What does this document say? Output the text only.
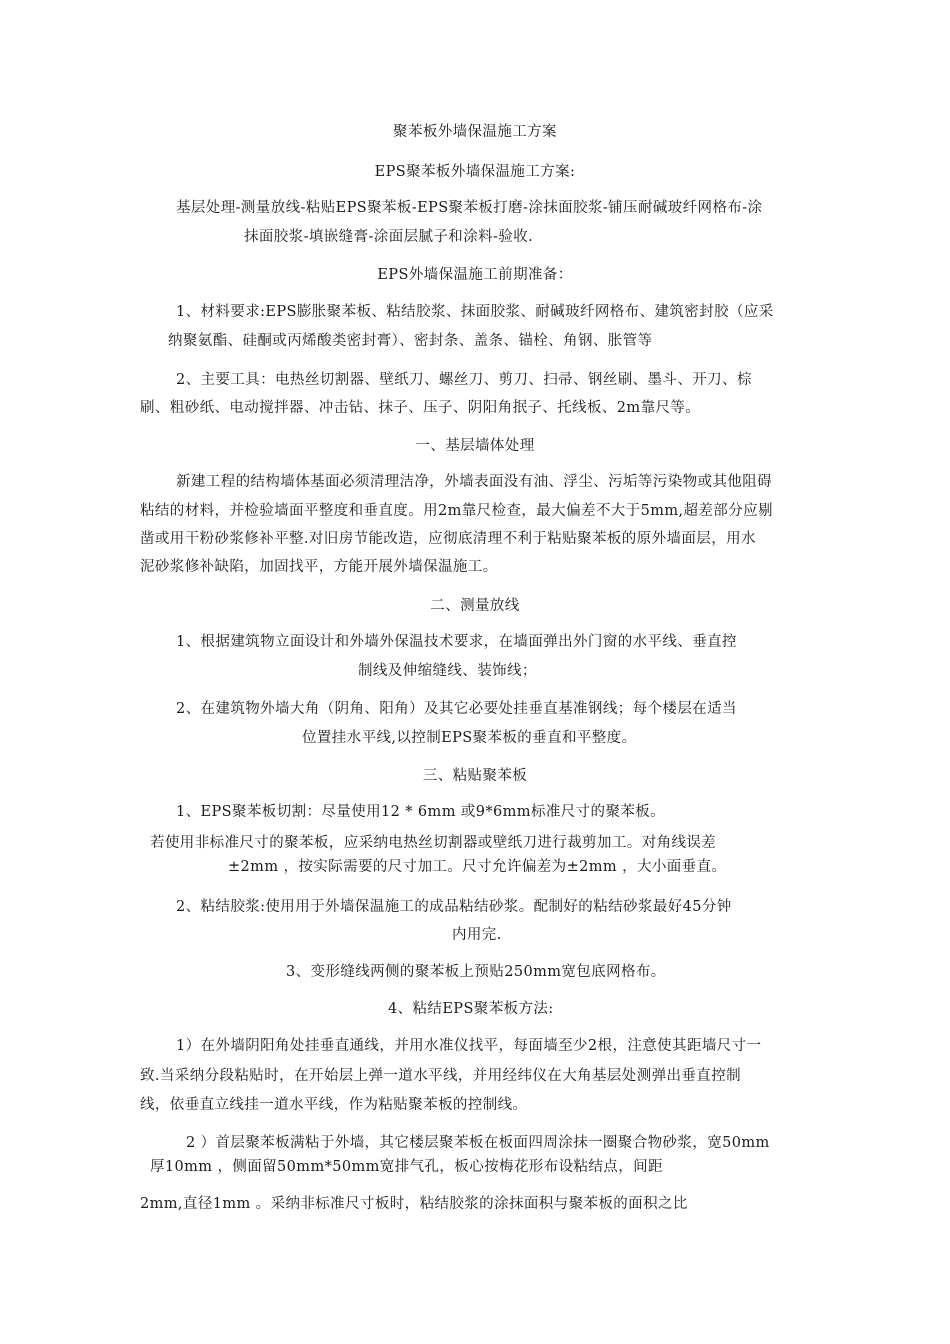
聚苯板外墙保温施工方案
EPS聚苯板外墙保温施工方案:
基层处理-测量放线-粘贴EPS聚苯板-EPS聚苯板打磨-涂抹面胶浆-铺压耐碱玻纤网格布-涂
抹面胶浆-填嵌缝膏-涂面层腻子和涂料-验收.
EPS外墙保温施工前期准备：
1、材料要求:EPS膨胀聚苯板、粘结胶浆、抹面胶浆、耐碱玻纤网格布、建筑密封胶（应采
纳聚氨酯、硅酮或丙烯酸类密封膏）、密封条、盖条、锚栓、角钢、胀管等
2、主要工具：电热丝切割器、壁纸刀、螺丝刀、剪刀、扫帚、钢丝刷、墨斗、开刀、棕
刷、粗砂纸、电动搅拌器、冲击钻、抹子、压子、阴阳角抿子、托线板、2m靠尺等。
一、基层墙体处理
新建工程的结构墙体基面必须清理洁净，外墙表面没有油、浮尘、污垢等污染物或其他阻碍
粘结的材料，并检验墙面平整度和垂直度。用2m靠尺检查，最大偏差不大于5mm,超差部分应剔
凿或用干粉砂浆修补平整.对旧房节能改造，应彻底清理不利于粘贴聚苯板的原外墙面层，用水
泥砂浆修补缺陷，加固找平，方能开展外墙保温施工。
二、测量放线
1、根据建筑物立面设计和外墙外保温技术要求，在墙面弹出外门窗的水平线、垂直控
制线及伸缩缝线、装饰线；
2、在建筑物外墙大角（阴角、阳角）及其它必要处挂垂直基准钢线；每个楼层在适当
位置挂水平线,以控制EPS聚苯板的垂直和平整度。
三、粘贴聚苯板
1、EPS聚苯板切割：尽量使用12 * 6mm 或9*6mm标准尺寸的聚苯板。
若使用非标准尺寸的聚苯板，应采纳电热丝切割器或壁纸刀进行裁剪加工。对角线误差
±2mm ，按实际需要的尺寸加工。尺寸允许偏差为±2mm ，大小面垂直。
2、粘结胶浆:使用用于外墙保温施工的成品粘结砂浆。配制好的粘结砂浆最好45分钟
内用完.
3、变形缝线两侧的聚苯板上预贴250mm宽包底网格布。
4、粘结EPS聚苯板方法:
1）在外墙阴阳角处挂垂直通线，并用水准仪找平，每面墙至少2根，注意使其距墙尺寸一
致.当采纳分段粘贴时，在开始层上弹一道水平线，并用经纬仪在大角基层处测弹出垂直控制
线，依垂直立线挂一道水平线，作为粘贴聚苯板的控制线。
2 ）首层聚苯板满粘于外墙，其它楼层聚苯板在板面四周涂抹一圈聚合物砂浆，宽50mm
厚10mm ，侧面留50mm*50mm宽排气孔，板心按梅花形布设粘结点，间距
2mm,直径1mm 。采纳非标准尺寸板时，粘结胶浆的涂抹面积与聚苯板的面积之比
